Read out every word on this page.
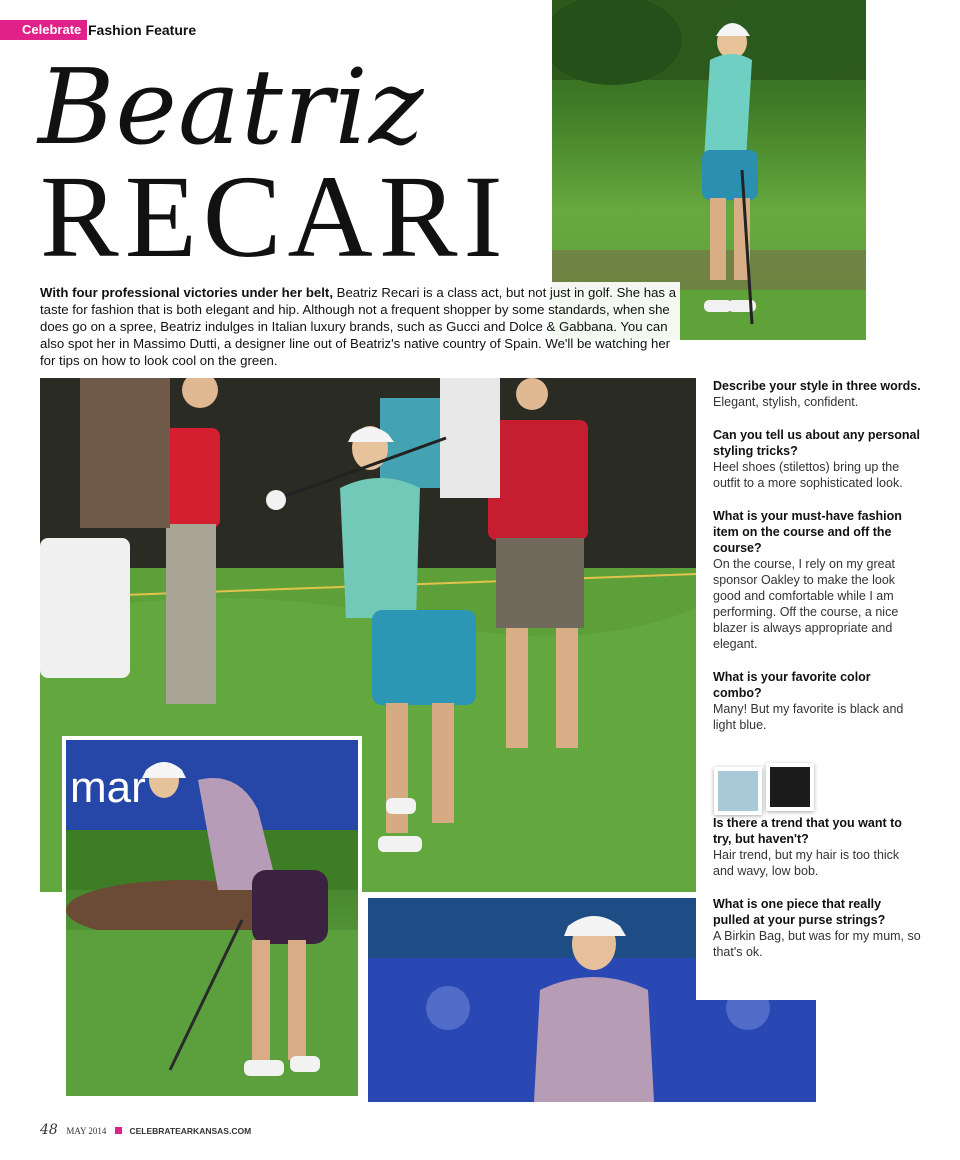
Celebrate Fashion Feature
Beatriz
RECARI
mar
With four professional victories under her belt, Beatriz Recari is a class act, but not just in golf. She has a taste for fashion that is both elegant and hip. Although not a frequent shopper by some standards, when she does go on a spree, Beatriz indulges in Italian luxury brands, such as Gucci and Dolce & Gabbana. You can also spot her in Massimo Dutti, a designer line out of Beatriz's native country of Spain. We'll be watching her for tips on how to look cool on the green.

Describe your style in three words.

Elegant, stylish, confident.

Can you tell us about any personal styling tricks?

Heel shoes (stilettos) bring up the outfit to a more sophisticated look.

What is your must-have fashion item on the course and off the course?

On the course, I rely on my great sponsor Oakley to make the look good and comfortable while I am performing. Off the course, a nice blazer is always appropriate and elegant.

What is your favorite color combo?

Many! But my favorite is black and light blue.

Is there a trend that you want to try, but haven't?

Hair trend, but my hair is too thick and wavy, low bob.

What is one piece that really pulled at your purse strings?

A Birkin Bag, but was for my mum, so that's ok.

48 MAY 2014	CELEBRATEARKANSAS.COM
